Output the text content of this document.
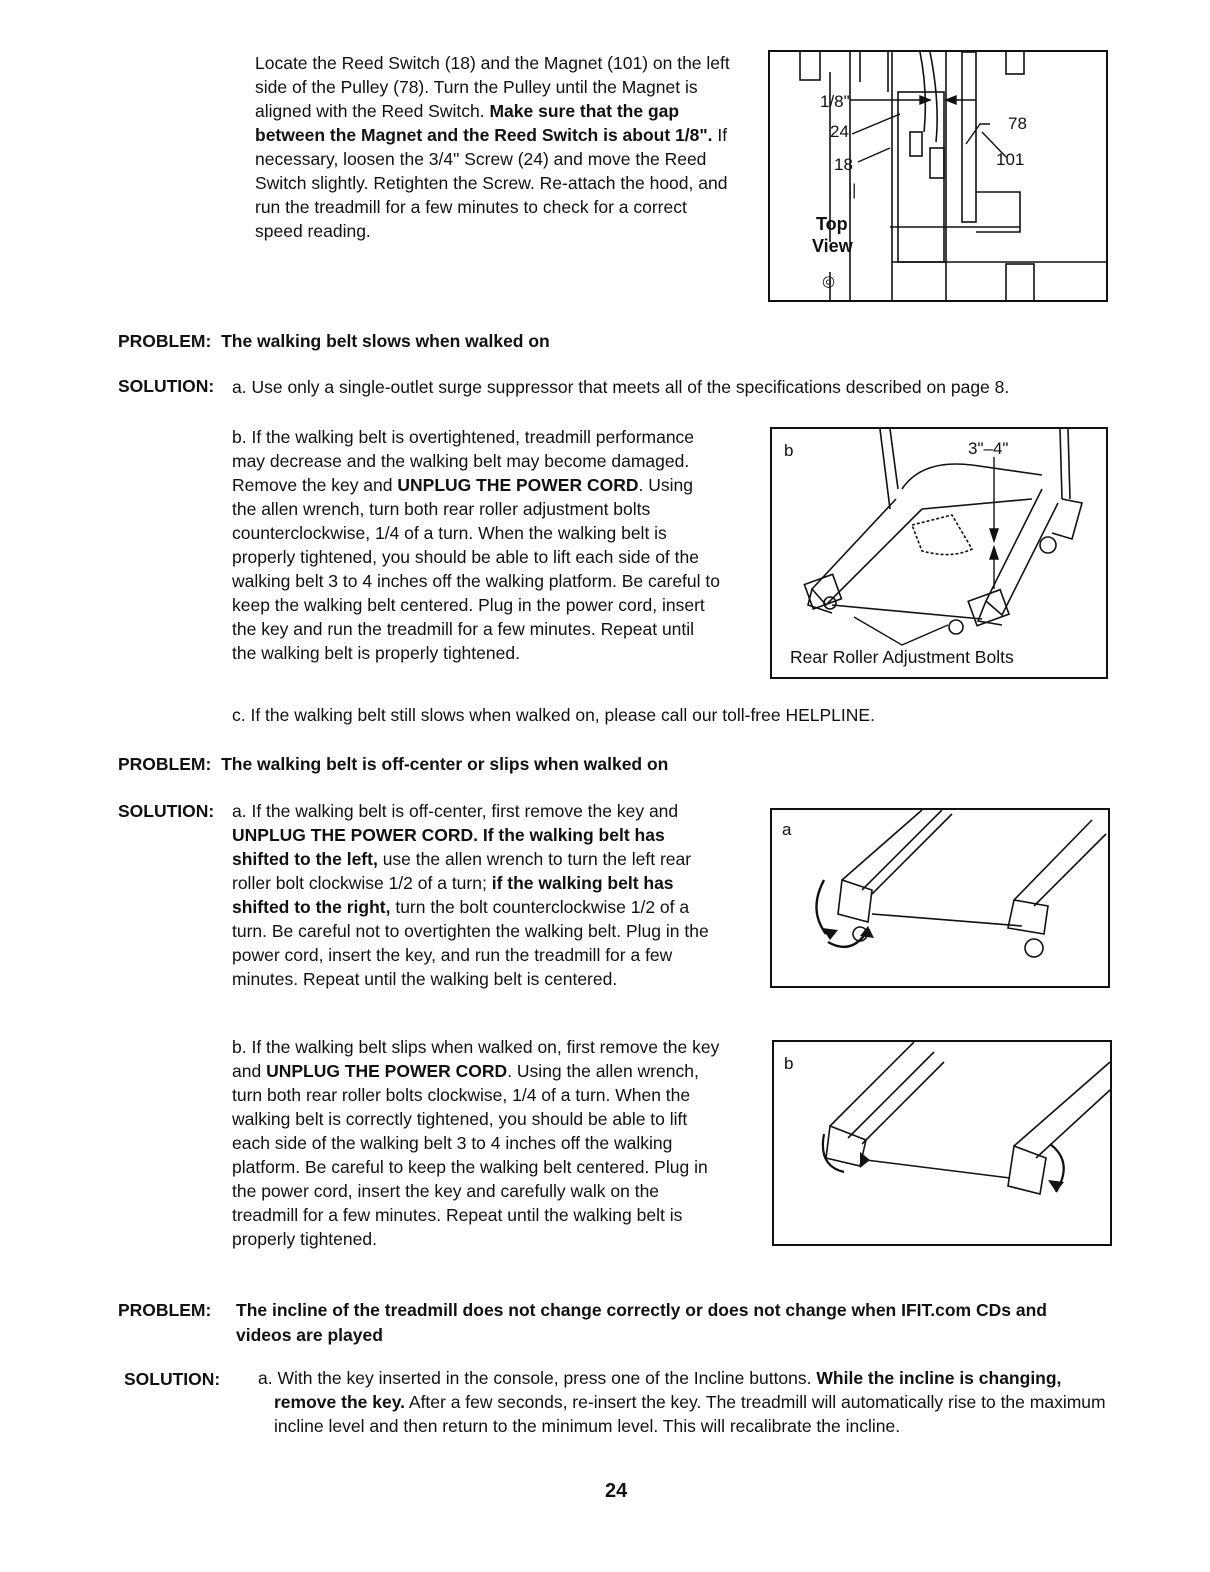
Locate the Reed Switch (18) and the Magnet (101) on the left side of the Pulley (78). Turn the Pulley until the Magnet is aligned with the Reed Switch. Make sure that the gap between the Magnet and the Reed Switch is about 1/8". If necessary, loosen the 3/4" Screw (24) and move the Reed Switch slightly. Retighten the Screw. Re-attach the hood, and run the treadmill for a few minutes to check for a correct speed reading.
1/8"
24
18
78
101
||
Top
View
◎
PROBLEM: The walking belt slows when walked on
SOLUTION: a. Use only a single-outlet surge suppressor that meets all of the specifications described on page 8.
b. If the walking belt is overtightened, treadmill performance may decrease and the walking belt may become damaged. Remove the key and UNPLUG THE POWER CORD. Using the allen wrench, turn both rear roller adjustment bolts counterclockwise, 1/4 of a turn. When the walking belt is properly tightened, you should be able to lift each side of the walking belt 3 to 4 inches off the walking platform. Be careful to keep the walking belt centered. Plug in the power cord, insert the key and run the treadmill for a few minutes. Repeat until the walking belt is properly tightened.
b	3"–4"
Rear Roller Adjustment Bolts
c. If the walking belt still slows when walked on, please call our toll-free HELPLINE.
PROBLEM: The walking belt is off-center or slips when walked on
SOLUTION: a. If the walking belt is off-center, first remove the key and UNPLUG THE POWER CORD. If the walking belt has shifted to the left, use the allen wrench to turn the left rear roller bolt clockwise 1/2 of a turn; if the walking belt has shifted to the right, turn the bolt counterclockwise 1/2 of a turn. Be careful not to overtighten the walking belt. Plug in the power cord, insert the key, and run the treadmill for a few minutes. Repeat until the walking belt is centered.
a
b. If the walking belt slips when walked on, first remove the key and UNPLUG THE POWER CORD. Using the allen wrench, turn both rear roller bolts clockwise, 1/4 of a turn. When the walking belt is correctly tightened, you should be able to lift each side of the walking belt 3 to 4 inches off the walking platform. Be careful to keep the walking belt centered. Plug in the power cord, insert the key and carefully walk on the treadmill for a few minutes. Repeat until the walking belt is properly tightened.
b
PROBLEM: The incline of the treadmill does not change correctly or does not change when IFIT.com CDs and videos are played
SOLUTION: a. With the key inserted in the console, press one of the Incline buttons. While the incline is changing, remove the key. After a few seconds, re-insert the key. The treadmill will automatically rise to the maximum incline level and then return to the minimum level. This will recalibrate the incline.
24
